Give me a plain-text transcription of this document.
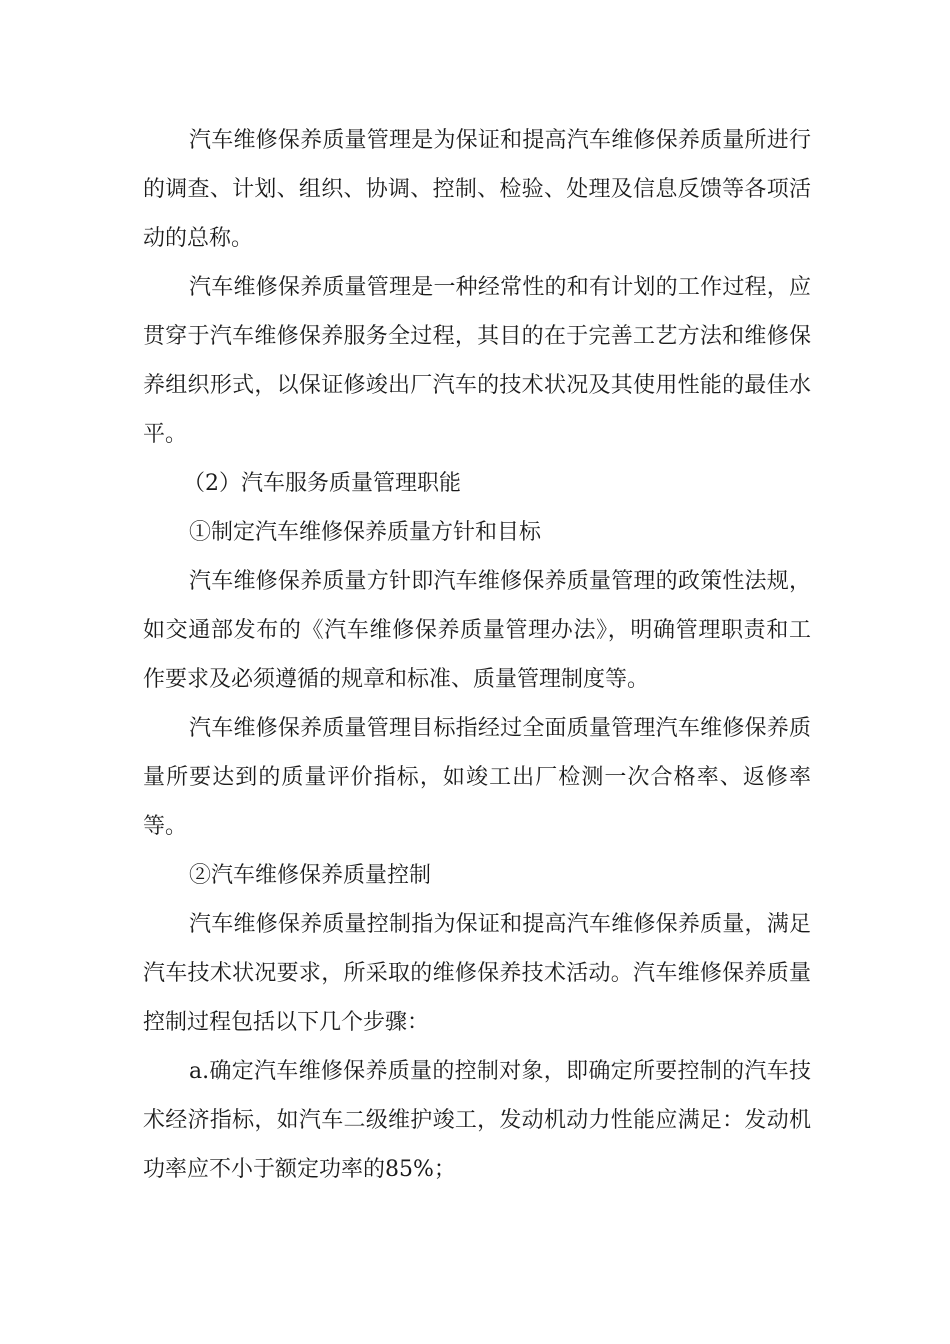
汽车维修保养质量管理是为保证和提高汽车维修保养质量所进行的调查、计划、组织、协调、控制、检验、处理及信息反馈等各项活动的总称。

汽车维修保养质量管理是一种经常性的和有计划的工作过程，应贯穿于汽车维修保养服务全过程，其目的在于完善工艺方法和维修保养组织形式，以保证修竣出厂汽车的技术状况及其使用性能的最佳水平。

（2）汽车服务质量管理职能

①制定汽车维修保养质量方针和目标

汽车维修保养质量方针即汽车维修保养质量管理的政策性法规，如交通部发布的《汽车维修保养质量管理办法》，明确管理职责和工作要求及必须遵循的规章和标准、质量管理制度等。

汽车维修保养质量管理目标指经过全面质量管理汽车维修保养质量所要达到的质量评价指标，如竣工出厂检测一次合格率、返修率等。

②汽车维修保养质量控制

汽车维修保养质量控制指为保证和提高汽车维修保养质量，满足汽车技术状况要求，所采取的维修保养技术活动。汽车维修保养质量控制过程包括以下几个步骤：

a.确定汽车维修保养质量的控制对象，即确定所要控制的汽车技术经济指标，如汽车二级维护竣工，发动机动力性能应满足：发动机功率应不小于额定功率的85%；
